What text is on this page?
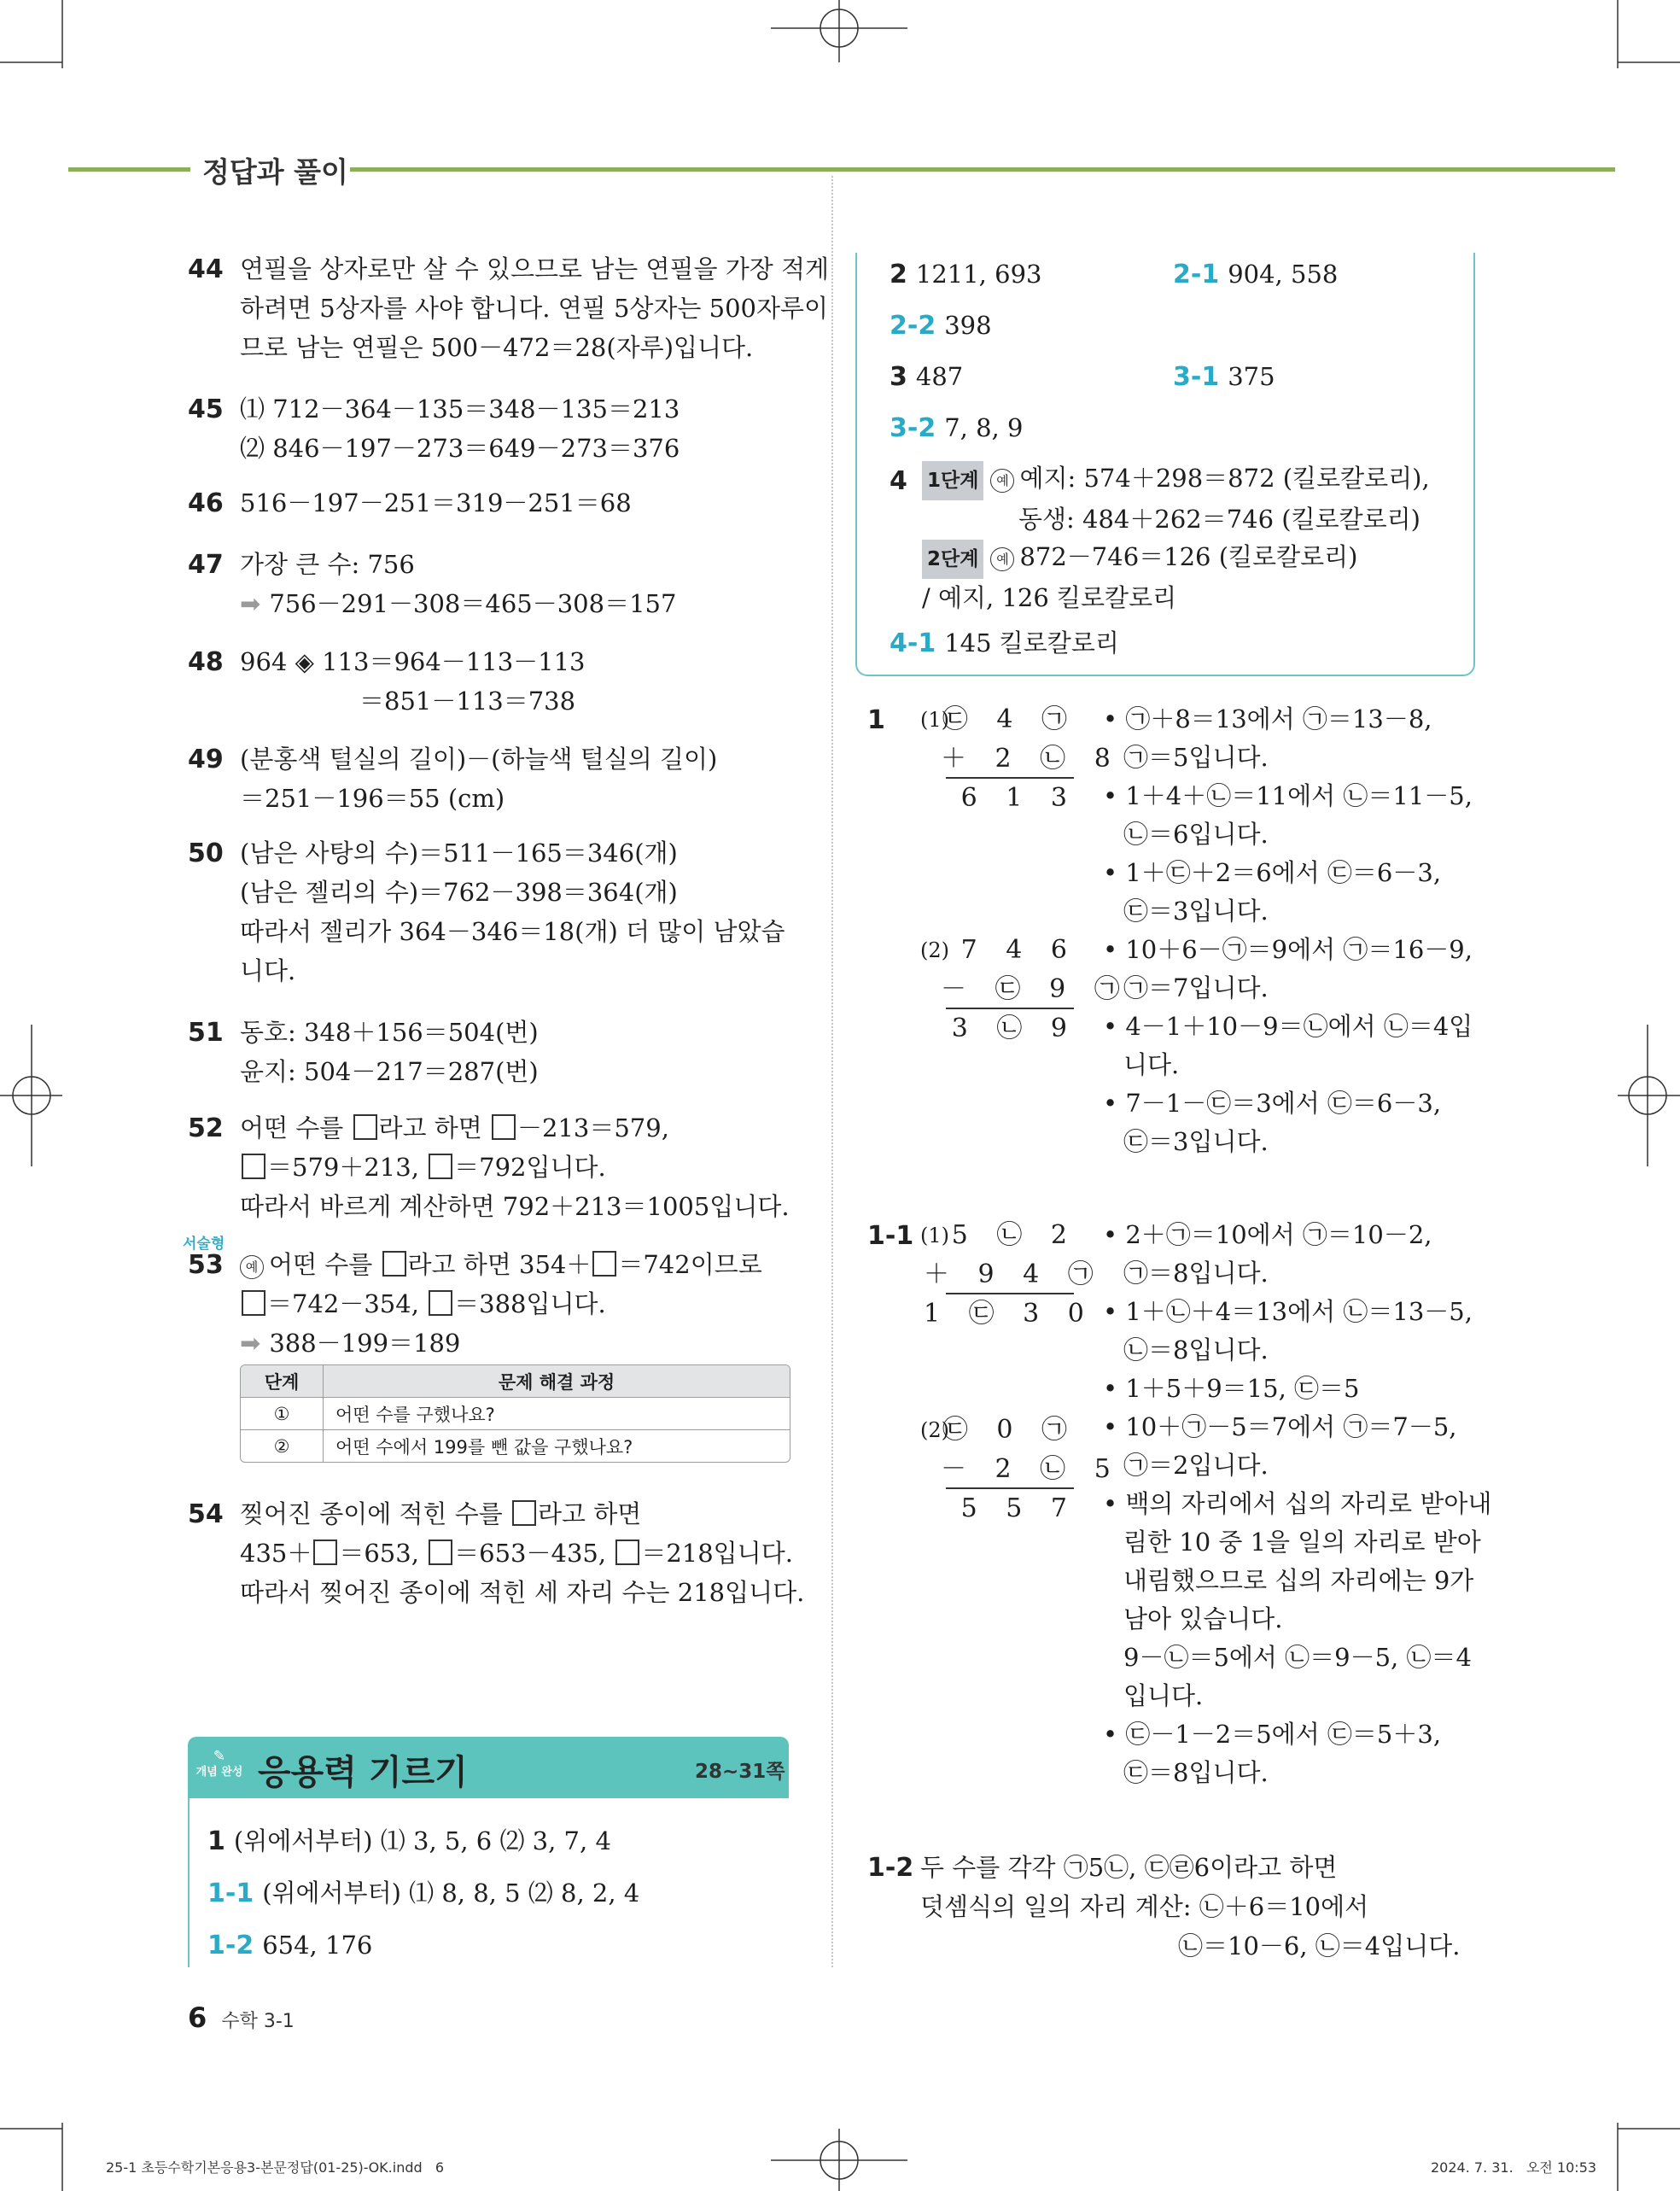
정답과 풀이
44 연필을 상자로만 살 수 있으므로 남는 연필을 가장 적게
하려면 5상자를 사야 합니다. 연필 5상자는 500자루이
므로 남는 연필은 500－472＝28(자루)입니다.
45 ⑴ 712－364－135＝348－135＝213
⑵ 846－197－273＝649－273＝376
46 516－197－251＝319－251＝68
47 가장 큰 수: 756
➡ 756－291－308＝465－308＝157
48 964 ◈ 113＝964－113－113
＝851－113＝738
49 (분홍색 털실의 길이)－(하늘색 털실의 길이)
＝251－196＝55 (cm)
50 (남은 사탕의 수)＝511－165＝346(개)
(남은 젤리의 수)＝762－398＝364(개)
따라서 젤리가 364－346＝18(개) 더 많이 남았습
니다.
51 동호: 348＋156＝504(번)
윤지: 504－217＝287(번)
52 어떤 수를 라고 하면 －213＝579,
＝579＋213, ＝792입니다.
따라서 바르게 계산하면 792＋213＝1005입니다.
서술형
53	예 어떤 수를 라고 하면 354＋ ＝742이므로
＝742－354, ＝388입니다.
➡ 388－199＝189
단계	문제 해결 과정
①	어떤 수를 구했나요?
②	어떤 수에서 199를 뺀 값을 구했나요?
54 찢어진 종이에 적힌 수를 라고 하면
435＋ ＝653, ＝653－435, ＝218입니다.
따라서 찢어진 종이에 적힌 세 자리 수는 218입니다.
✎
개념 완성 응용력 기르기	28~31쪽
1 (위에서부터) ⑴ 3, 5, 6 ⑵ 3, 7, 4
1-1 (위에서부터) ⑴ 8, 8, 5 ⑵ 8, 2, 4
1-2 654, 176
2 1211, 693	2-1 904, 558
2-2 398
3 487	3-1 375
3-2 7, 8, 9
4 1단계 예 예지: 574＋298＝872 (킬로칼로리),
동생: 484＋262＝746 (킬로칼로리)
2단계 예 872－746＝126 (킬로칼로리)
/ 예지, 126 킬로칼로리
4-1 145 킬로칼로리
1 (1)
㉢ 4 ㉠
＋ 2 ㉡ 8
6 1 3
(2) 7 4 6
－ ㉢ 9 ㉠
3 ㉡ 9
• ㉠＋8＝13에서 ㉠＝13－8,
㉠＝5입니다.
• 1＋4＋㉡＝11에서 ㉡＝11－5,
㉡＝6입니다.
• 1＋㉢＋2＝6에서 ㉢＝6－3,
㉢＝3입니다.
• 10＋6－㉠＝9에서 ㉠＝16－9,
㉠＝7입니다.
• 4－1＋10－9＝㉡에서 ㉡＝4입
니다.
• 7－1－㉢＝3에서 ㉢＝6－3,
㉢＝3입니다.
1-1 (1) 5 ㉡ 2
＋ 9 4 ㉠
1 ㉢ 3 0
(2)
㉢ 0 ㉠
－ 2 ㉡ 5
5 5 7
• 2＋㉠＝10에서 ㉠＝10－2,
㉠＝8입니다.
• 1＋㉡＋4＝13에서 ㉡＝13－5,
㉡＝8입니다.
• 1＋5＋9＝15, ㉢＝5
• 10＋㉠－5＝7에서 ㉠＝7－5,
㉠＝2입니다.
• 백의 자리에서 십의 자리로 받아내
림한 10 중 1을 일의 자리로 받아
내림했으므로 십의 자리에는 9가
남아 있습니다.
9－㉡＝5에서 ㉡＝9－5, ㉡＝4
입니다.
• ㉢－1－2＝5에서 ㉢＝5＋3,
㉢＝8입니다.
1-2 두 수를 각각 ㉠5㉡, ㉢㉣6이라고 하면
덧셈식의 일의 자리 계산: ㉡＋6＝10에서
㉡＝10－6, ㉡＝4입니다.
6 수학 3-1
25-1 초등수학기본응용3-본문정답(01-25)-OK.indd   6	2024. 7. 31.   오전 10:53
